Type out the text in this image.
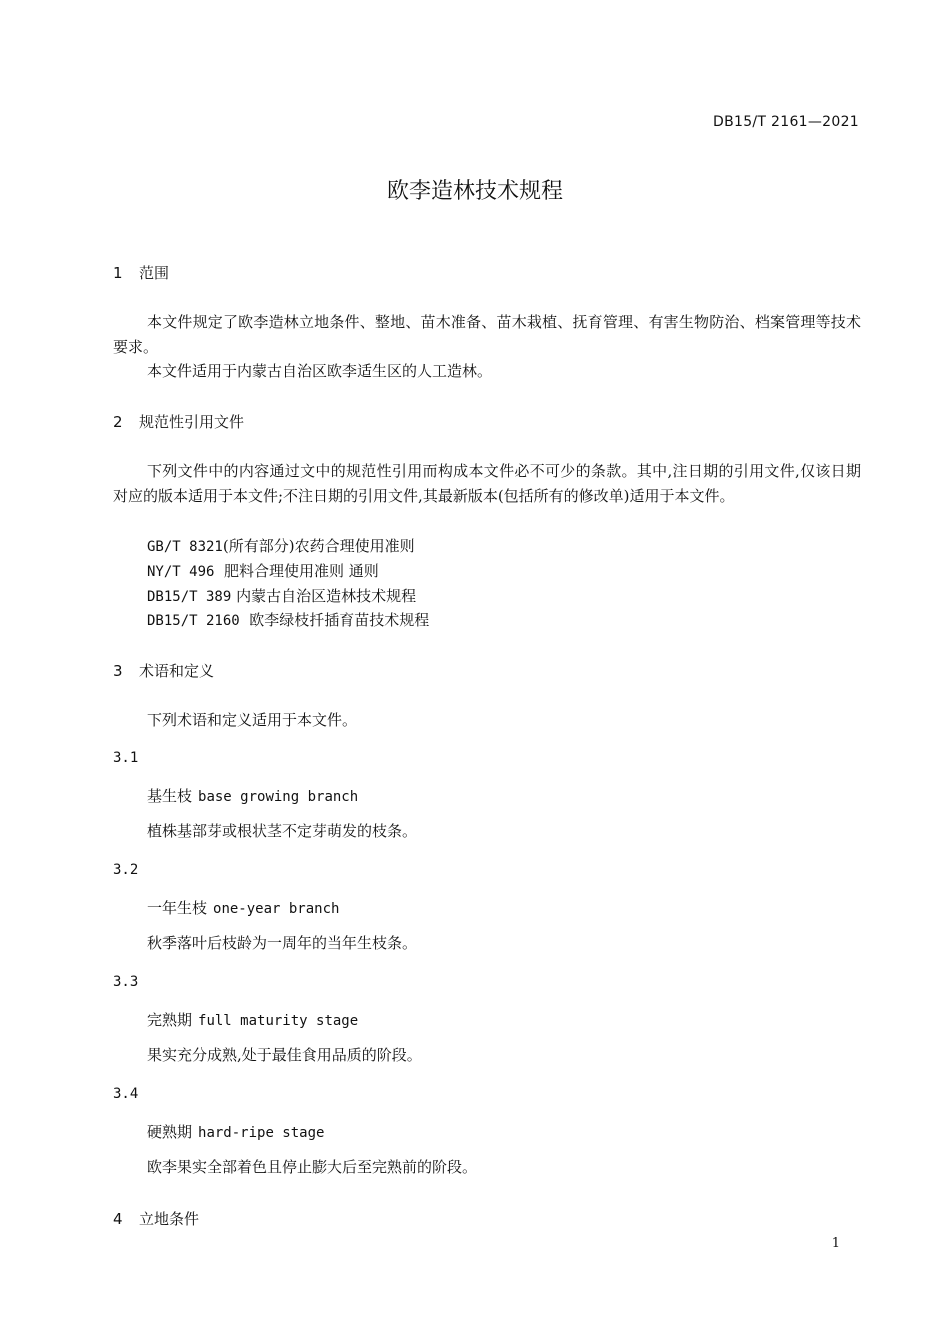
DB15/T 2161—2021
欧李造林技术规程
1 范围
本文件规定了欧李造林立地条件、整地、苗木准备、苗木栽植、抚育管理、有害生物防治、档案管理等技术要求。
本文件适用于内蒙古自治区欧李适生区的人工造林。
2 规范性引用文件
下列文件中的内容通过文中的规范性引用而构成本文件必不可少的条款。其中,注日期的引用文件,仅该日期对应的版本适用于本文件;不注日期的引用文件,其最新版本(包括所有的修改单)适用于本文件。
GB/T 8321(所有部分)农药合理使用准则
NY/T 496  肥料合理使用准则 通则
DB15/T 389 内蒙古自治区造林技术规程
DB15/T 2160  欧李绿枝扦插育苗技术规程
3 术语和定义
下列术语和定义适用于本文件。
3.1
基生枝 base growing branch
植株基部芽或根状茎不定芽萌发的枝条。
3.2
一年生枝 one-year branch
秋季落叶后枝龄为一周年的当年生枝条。
3.3
完熟期 full maturity stage
果实充分成熟,处于最佳食用品质的阶段。
3.4
硬熟期 hard-ripe stage
欧李果实全部着色且停止膨大后至完熟前的阶段。
4 立地条件
1
